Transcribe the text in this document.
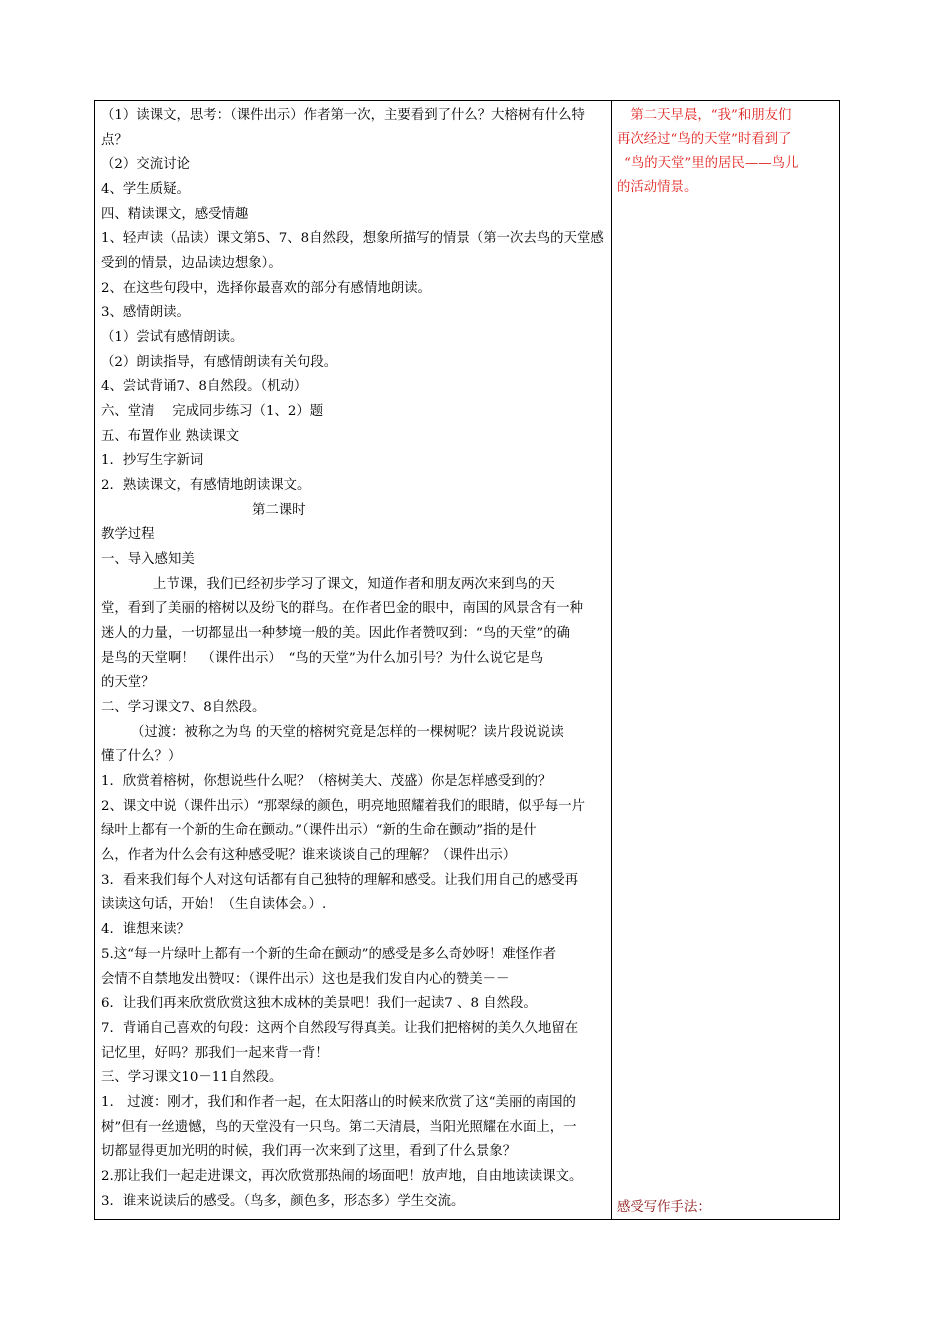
（1）读课文，思考：（课件出示）作者第一次，主要看到了什么？大榕树有什么特
点？
（2）交流讨论
4、学生质疑。
四、精读课文，感受情趣
1、轻声读（品读）课文第5、7、8自然段，想象所描写的情景（第一次去鸟的天堂感
受到的情景，边品读边想象）。
2、在这些句段中，选择你最喜欢的部分有感情地朗读。
3、感情朗读。
（1）尝试有感情朗读。
（2）朗读指导，有感情朗读有关句段。
4、尝试背诵7、8自然段。（机动）
六、堂清　 完成同步练习（1、2）题
五、布置作业 熟读课文
1．抄写生字新词
2．熟读课文，有感情地朗读课文。
第二课时
教学过程
一、导入感知美
上节课，我们已经初步学习了课文，知道作者和朋友两次来到鸟的天
堂，看到了美丽的榕树以及纷飞的群鸟。在作者巴金的眼中，南国的风景含有一种
迷人的力量，一切都显出一种梦境一般的美。因此作者赞叹到：“鸟的天堂”的确
是鸟的天堂啊！　（课件出示）　“鸟的天堂”为什么加引号？为什么说它是鸟
的天堂？
二、学习课文7、8自然段。
（过渡：被称之为鸟 的天堂的榕树究竟是怎样的一棵树呢？读片段说说读
懂了什么？）
1．欣赏着榕树，你想说些什么呢？（榕树美大、茂盛）你是怎样感受到的？
2、课文中说（课件出示）“那翠绿的颜色，明亮地照耀着我们的眼睛，似乎每一片
绿叶上都有一个新的生命在颤动。”（课件出示）“新的生命在颤动”指的是什
么，作者为什么会有这种感受呢？谁来谈谈自己的理解？（课件出示）
3．看来我们每个人对这句话都有自己独特的理解和感受。让我们用自己的感受再
读读这句话，开始！（生自读体会。）.
4．谁想来读？
5.这“每一片绿叶上都有一个新的生命在颤动”的感受是多么奇妙呀！难怪作者
会情不自禁地发出赞叹：（课件出示）这也是我们发自内心的赞美－－
6．让我们再来欣赏欣赏这独木成林的美景吧！我们一起读7 、8 自然段。
7．背诵自己喜欢的句段：这两个自然段写得真美。让我们把榕树的美久久地留在
记忆里，好吗？那我们一起来背一背！
三、学习课文10－11自然段。
1.　过渡：刚才，我们和作者一起，在太阳落山的时候来欣赏了这“美丽的南国的
树”但有一丝遗憾，鸟的天堂没有一只鸟。第二天清晨，当阳光照耀在水面上，一
切都显得更加光明的时候，我们再一次来到了这里，看到了什么景象？
2.那让我们一起走进课文，再次欣赏那热闹的场面吧！放声地，自由地读读课文。
3．谁来说读后的感受。（鸟多，颜色多，形态多）学生交流。
　第二天早晨，“我”和朋友们
再次经过“鸟的天堂”时看到了
“鸟的天堂”里的居民——鸟儿
的活动情景。
感受写作手法：
